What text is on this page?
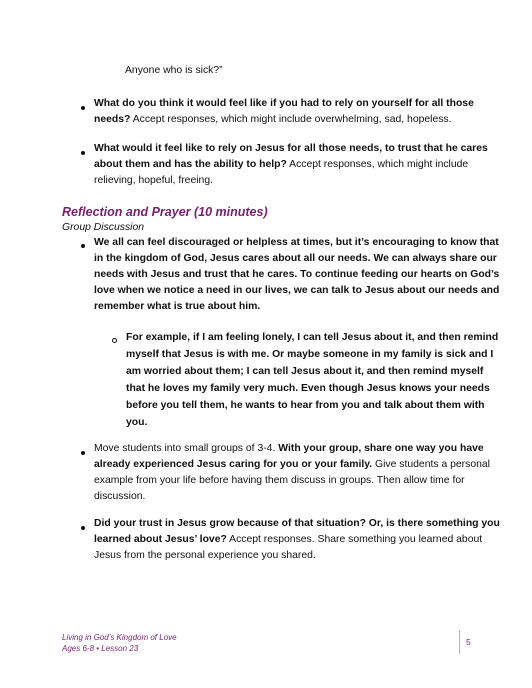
Anyone who is sick?”
What do you think it would feel like if you had to rely on yourself for all those
needs? Accept responses, which might include overwhelming, sad, hopeless.
What would it feel like to rely on Jesus for all those needs, to trust that he cares
about them and has the ability to help? Accept responses, which might include
relieving, hopeful, freeing.
Reflection and Prayer (10 minutes)
Group Discussion
We all can feel discouraged or helpless at times, but it’s encouraging to know that
in the kingdom of God, Jesus cares about all our needs. We can always share our
needs with Jesus and trust that he cares. To continue feeding our hearts on God’s
love when we notice a need in our lives, we can talk to Jesus about our needs and
remember what is true about him.
For example, if I am feeling lonely, I can tell Jesus about it, and then remind
myself that Jesus is with me. Or maybe someone in my family is sick and I
am worried about them; I can tell Jesus about it, and then remind myself
that he loves my family very much. Even though Jesus knows your needs
before you tell them, he wants to hear from you and talk about them with
you.
Move students into small groups of 3-4. With your group, share one way you have
already experienced Jesus caring for you or your family. Give students a personal
example from your life before having them discuss in groups. Then allow time for
discussion.
Did your trust in Jesus grow because of that situation? Or, is there something you
learned about Jesus’ love? Accept responses. Share something you learned about
Jesus from the personal experience you shared.
Living in God’s Kingdom of Love
Ages 6-8 • Lesson 23
5
